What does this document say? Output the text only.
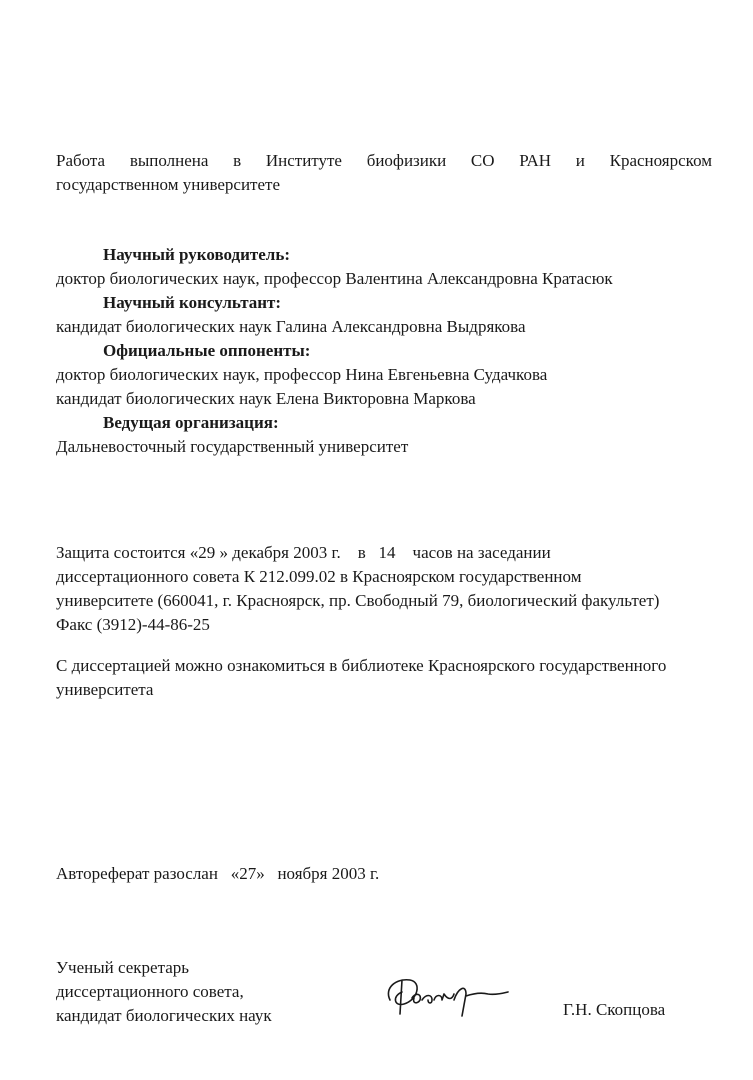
Работа выполнена в Институте биофизики СО РАН и Красноярском
государственном университете
Научный руководитель:
доктор биологических наук, профессор Валентина Александровна Кратасюк
Научный консультант:
кандидат биологических наук Галина Александровна Выдрякова
Официальные оппоненты:
доктор биологических наук, профессор Нина Евгеньевна Судачкова
кандидат биологических наук Елена Викторовна Маркова
Ведущая организация:
Дальневосточный государственный университет
Защита состоится «29 » декабря 2003 г.    в   14    часов на заседании
диссертационного совета К 212.099.02 в Красноярском государственном
университете (660041, г. Красноярск, пр. Свободный 79, биологический факультет)
Факс (3912)-44-86-25
С диссертацией можно ознакомиться в библиотеке Красноярского государственного
университета
Автореферат разослан   «27»   ноября 2003 г.
Ученый секретарь
диссертационного совета,
кандидат биологических наук	Г.Н. Скопцова
